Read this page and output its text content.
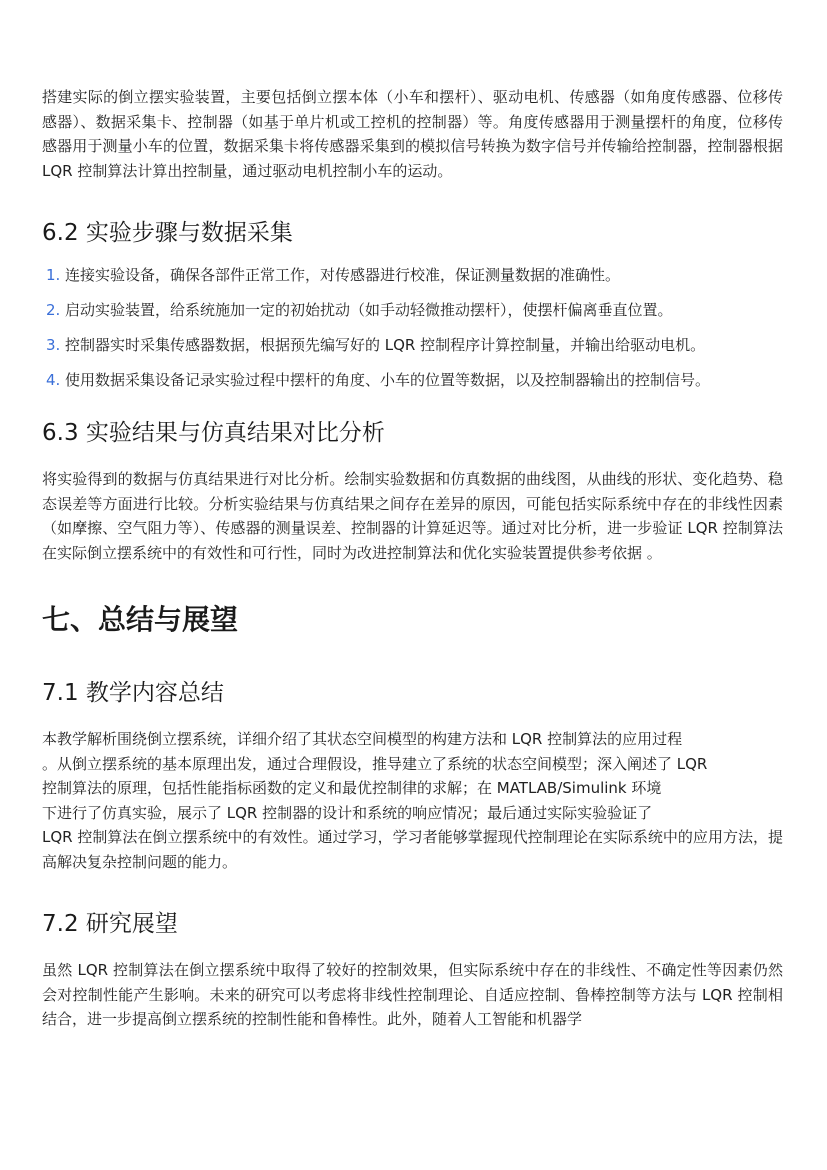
搭建实际的倒立摆实验装置，主要包括倒立摆本体（小车和摆杆）、驱动电机、传感器（如角度传感器、位移传感器）、数据采集卡、控制器（如基于单片机或工控机的控制器）等。角度传感器用于测量摆杆的角度，位移传感器用于测量小车的位置，数据采集卡将传感器采集到的模拟信号转换为数字信号并传输给控制器，控制器根据 LQR 控制算法计算出控制量，通过驱动电机控制小车的运动。

6.2 实验步骤与数据采集
1. 连接实验设备，确保各部件正常工作，对传感器进行校准，保证测量数据的准确性。
2. 启动实验装置，给系统施加一定的初始扰动（如手动轻微推动摆杆），使摆杆偏离垂直位置。
3. 控制器实时采集传感器数据，根据预先编写好的 LQR 控制程序计算控制量，并输出给驱动电机。
4. 使用数据采集设备记录实验过程中摆杆的角度、小车的位置等数据，以及控制器输出的控制信号。
6.3 实验结果与仿真结果对比分析

将实验得到的数据与仿真结果进行对比分析。绘制实验数据和仿真数据的曲线图，从曲线的形状、变化趋势、稳态误差等方面进行比较。分析实验结果与仿真结果之间存在差异的原因，可能包括实际系统中存在的非线性因素（如摩擦、空气阻力等）、传感器的测量误差、控制器的计算延迟等。通过对比分析，进一步验证 LQR 控制算法在实际倒立摆系统中的有效性和可行性，同时为改进控制算法和优化实验装置提供参考依据 。

七、总结与展望
7.1 教学内容总结

本教学解析围绕倒立摆系统，详细介绍了其状态空间模型的构建方法和 LQR 控制算法的应用过程
。从倒立摆系统的基本原理出发，通过合理假设，推导建立了系统的状态空间模型；深入阐述了 LQR
控制算法的原理，包括性能指标函数的定义和最优控制律的求解；在 MATLAB/Simulink 环境
下进行了仿真实验，展示了 LQR 控制器的设计和系统的响应情况；最后通过实际实验验证了
LQR 控制算法在倒立摆系统中的有效性。通过学习，学习者能够掌握现代控制理论在实际系统中的应用方法，提高解决复杂控制问题的能力。

7.2 研究展望

虽然 LQR 控制算法在倒立摆系统中取得了较好的控制效果，但实际系统中存在的非线性、不确定性等因素仍然会对控制性能产生影响。未来的研究可以考虑将非线性控制理论、自适应控制、鲁棒控制等方法与 LQR 控制相结合，进一步提高倒立摆系统的控制性能和鲁棒性。此外，随着人工智能和机器学
